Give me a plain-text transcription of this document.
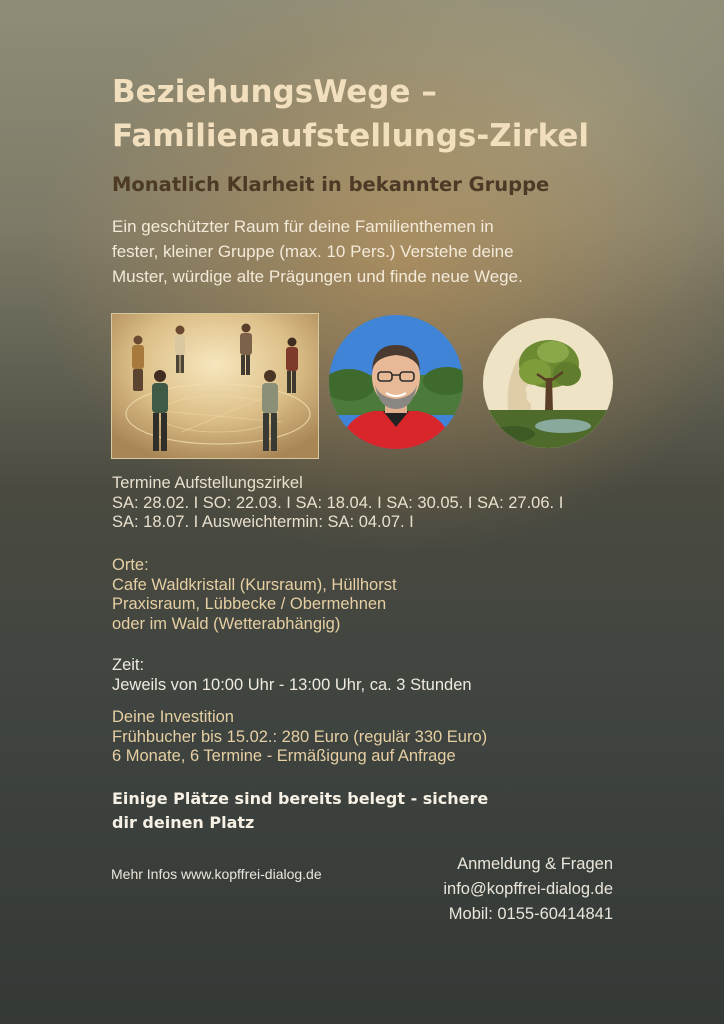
BeziehungsWege –
Familienaufstellungs-Zirkel
Monatlich Klarheit in bekannter Gruppe
Ein geschützter Raum für deine Familienthemen in
fester, kleiner Gruppe (max. 10 Pers.) Verstehe deine
Muster, würdige alte Prägungen und finde neue Wege.
Termine Aufstellungszirkel
SA: 28.02. I SO: 22.03. I SA: 18.04. I SA: 30.05. I SA: 27.06. I
SA: 18.07. I Ausweichtermin: SA: 04.07. I
Orte:
Cafe Waldkristall (Kursraum), Hüllhorst
Praxisraum, Lübbecke / Obermehnen
oder im Wald (Wetterabhängig)
Zeit:
Jeweils von 10:00 Uhr - 13:00 Uhr, ca. 3 Stunden
Deine Investition
Frühbucher bis 15.02.: 280 Euro (regulär 330 Euro)
6 Monate, 6 Termine - Ermäßigung auf Anfrage
Einige Plätze sind bereits belegt - sichere
dir deinen Platz
Mehr Infos www.kopffrei-dialog.de
Anmeldung & Fragen
info@kopffrei-dialog.de
Mobil: 0155-60414841
